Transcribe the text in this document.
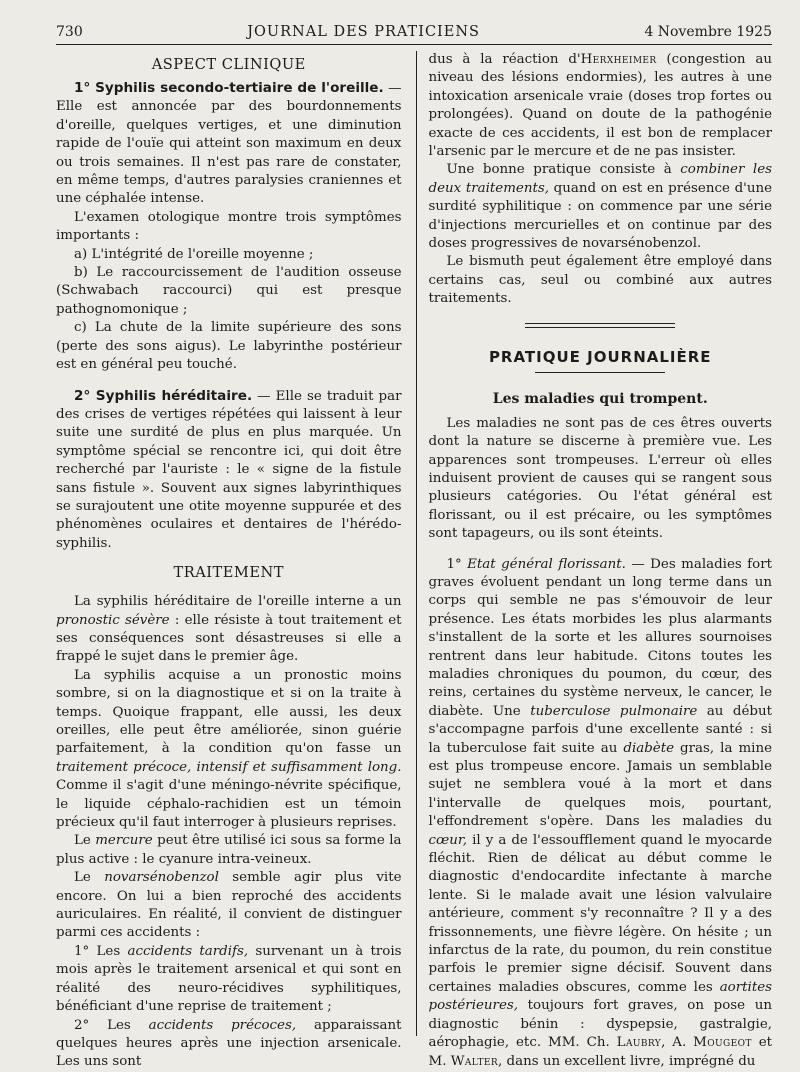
730	JOURNAL DES PRATICIENS	4 Novembre 1925
ASPECT CLINIQUE

1° Syphilis secondo-tertiaire de l'oreille. — Elle est annoncée par des bourdonnements d'oreille, quelques vertiges, et une diminution rapide de l'ouïe qui atteint son maximum en deux ou trois semaines. Il n'est pas rare de constater, en même temps, d'autres paralysies craniennes et une céphalée intense.

L'examen otologique montre trois symptômes importants :

a) L'intégrité de l'oreille moyenne ;

b) Le raccourcissement de l'audition osseuse (Schwabach raccourci) qui est presque pathognomonique ;

c) La chute de la limite supérieure des sons (perte des sons aigus). Le labyrinthe postérieur est en général peu touché.

2° Syphilis héréditaire. — Elle se traduit par des crises de vertiges répétées qui laissent à leur suite une surdité de plus en plus marquée. Un symptôme spécial se rencontre ici, qui doit être recherché par l'auriste : le « signe de la fistule sans fistule ». Souvent aux signes labyrinthiques se surajoutent une otite moyenne suppurée et des phénomènes oculaires et dentaires de l'hérédo-syphilis.

TRAITEMENT

La syphilis héréditaire de l'oreille interne a un pronostic sévère : elle résiste à tout traitement et ses conséquences sont désastreuses si elle a frappé le sujet dans le premier âge.

La syphilis acquise a un pronostic moins sombre, si on la diagnostique et si on la traite à temps. Quoique frappant, elle aussi, les deux oreilles, elle peut être améliorée, sinon guérie parfaitement, à la condition qu'on fasse un traitement précoce, intensif et suffisamment long. Comme il s'agit d'une méningo-névrite spécifique, le liquide céphalo-rachidien est un témoin précieux qu'il faut interroger à plusieurs reprises.

Le mercure peut être utilisé ici sous sa forme la plus active : le cyanure intra-veineux.

Le novarsénobenzol semble agir plus vite encore. On lui a bien reproché des accidents auriculaires. En réalité, il convient de distinguer parmi ces accidents :

1° Les accidents tardifs, survenant un à trois mois après le traitement arsenical et qui sont en réalité des neuro-récidives syphilitiques, bénéficiant d'une reprise de traitement ;

2° Les accidents précoces, apparaissant quelques heures après une injection arsenicale. Les uns sont

dus à la réaction d'Herxheimer (congestion au niveau des lésions endormies), les autres à une intoxication arsenicale vraie (doses trop fortes ou prolongées). Quand on doute de la pathogénie exacte de ces accidents, il est bon de remplacer l'arsenic par le mercure et de ne pas insister.

Une bonne pratique consiste à combiner les deux traitements, quand on est en présence d'une surdité syphilitique : on commence par une série d'injections mercurielles et on continue par des doses progressives de novarsénobenzol.

Le bismuth peut également être employé dans certains cas, seul ou combiné aux autres traitements.

PRATIQUE JOURNALIÈRE
Les maladies qui trompent.

Les maladies ne sont pas de ces êtres ouverts dont la nature se discerne à première vue. Les apparences sont trompeuses. L'erreur où elles induisent provient de causes qui se rangent sous plusieurs catégories. Ou l'état général est florissant, ou il est précaire, ou les symptômes sont tapageurs, ou ils sont éteints.

1° Etat général florissant. — Des maladies fort graves évoluent pendant un long terme dans un corps qui semble ne pas s'émouvoir de leur présence. Les états morbides les plus alarmants s'installent de la sorte et les allures sournoises rentrent dans leur habitude. Citons toutes les maladies chroniques du poumon, du cœur, des reins, certaines du système nerveux, le cancer, le diabète. Une tuberculose pulmonaire au début s'accompagne parfois d'une excellente santé : si la tuberculose fait suite au diabète gras, la mine est plus trompeuse encore. Jamais un semblable sujet ne semblera voué à la mort et dans l'intervalle de quelques mois, pourtant, l'effondrement s'opère. Dans les maladies du cœur, il y a de l'essoufflement quand le myocarde fléchit. Rien de délicat au début comme le diagnostic d'endocardite infectante à marche lente. Si le malade avait une lésion valvulaire antérieure, comment s'y reconnaître ? Il y a des frissonnements, une fièvre légère. On hésite ; un infarctus de la rate, du poumon, du rein constitue parfois le premier signe décisif. Souvent dans certaines maladies obscures, comme les aortites postérieures, toujours fort graves, on pose un diagnostic bénin : dyspepsie, gastralgie, aérophagie, etc. MM. Ch. Laubry, A. Mougeot et M. Walter, dans un excellent livre, imprégné du
